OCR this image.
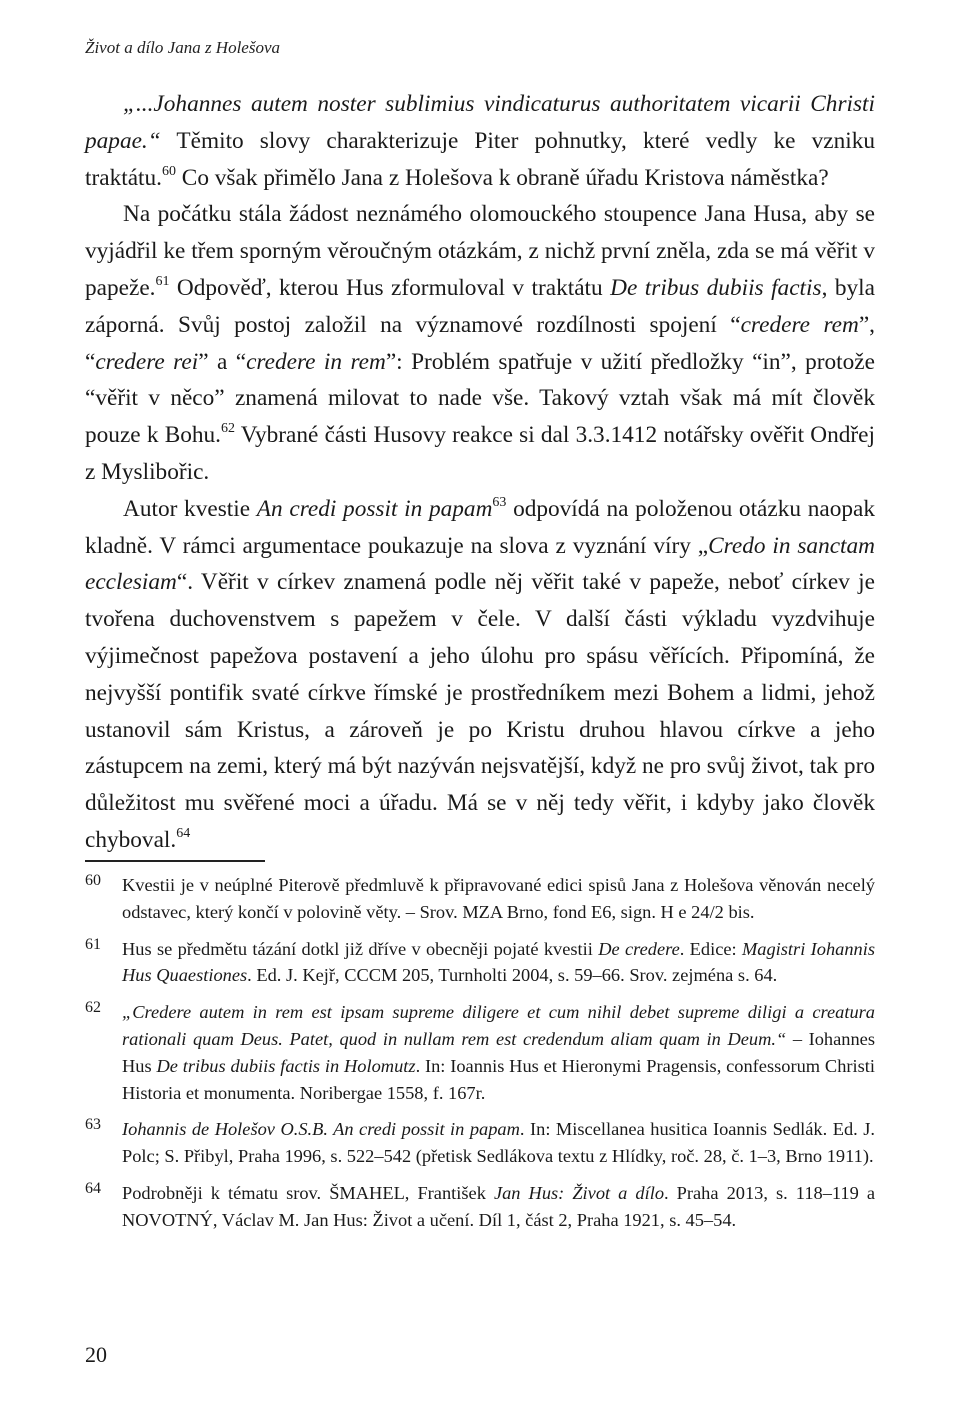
Život a dílo Jana z Holešova

„...Johannes autem noster sublimius vindicaturus authoritatem vicarii Christi papae.“ Těmito slovy charakterizuje Piter pohnutky, které vedly ke vzniku traktátu.$^{60}$ Co však přimělo Jana z Holešova k obraně úřadu Kristova náměstka?

Na počátku stála žádost neznámého olomouckého stoupence Jana Husa, aby se vyjádřil ke třem sporným věroučným otázkám, z nichž první zněla, zda se má věřit v papeže.$^{61}$ Odpověď, kterou Hus zformuloval v traktátu De tribus dubiis factis, byla záporná. Svůj postoj založil na významové rozdílnosti spojení “credere rem”, “credere rei” a “credere in rem”: Problém spatřuje v užití předložky “in”, protože “věřit v něco” znamená milovat to nade vše. Takový vztah však má mít člověk pouze k Bohu.$^{62}$ Vybrané části Husovy reakce si dal 3.3.1412 notářsky ověřit Ondřej z Myslibořic.

Autor kvestie An credi possit in papam$^{63}$ odpovídá na položenou otázku naopak kladně. V rámci argumentace poukazuje na slova z vyznání víry „Credo in sanctam ecclesiam“. Věřit v církev znamená podle něj věřit také v papeže, neboť církev je tvořena duchovenstvem s papežem v čele. V další části výkladu vyzdvihuje výjimečnost papežova postavení a jeho úlohu pro spásu věřících. Připomíná, že nejvyšší pontifik svaté církve římské je prostředníkem mezi Bohem a lidmi, jehož ustanovil sám Kristus, a zároveň je po Kristu druhou hlavou církve a jeho zástupcem na zemi, který má být nazýván nejsvatější, když ne pro svůj život, tak pro důležitost mu svěřené moci a úřadu. Má se v něj tedy věřit, i kdyby jako člověk chyboval.$^{64}$

60 Kvestii je v neúplné Piterově předmluvě k připravované edici spisů Jana z Holešova věnován necelý odstavec, který končí v polovině věty. – Srov. MZA Brno, fond E6, sign. H e 24/2 bis.
61 Hus se předmětu tázání dotkl již dříve v obecněji pojaté kvestii De credere. Edice: Magistri Iohannis Hus Quaestiones. Ed. J. Kejř, CCCM 205, Turnholti 2004, s. 59–66. Srov. zejména s. 64.
62 „Credere autem in rem est ipsam supreme diligere et cum nihil debet supreme diligi a creatura rationali quam Deus. Patet, quod in nullam rem est credendum aliam quam in Deum.“ – Iohannes Hus De tribus dubiis factis in Holomutz. In: Ioannis Hus et Hieronymi Pragensis, confessorum Christi Historia et monumenta. Noribergae 1558, f. 167r.
63 Iohannis de Holešov O.S.B. An credi possit in papam. In: Miscellanea husitica Ioannis Sedlák. Ed. J. Polc; S. Přibyl, Praha 1996, s. 522–542 (přetisk Sedlákova textu z Hlídky, roč. 28, č. 1–3, Brno 1911).
64 Podrobněji k tématu srov. ŠMAHEL, František Jan Hus: Život a dílo. Praha 2013, s. 118–119 a NOVOTNÝ, Václav M. Jan Hus: Život a učení. Díl 1, část 2, Praha 1921, s. 45–54.
20
